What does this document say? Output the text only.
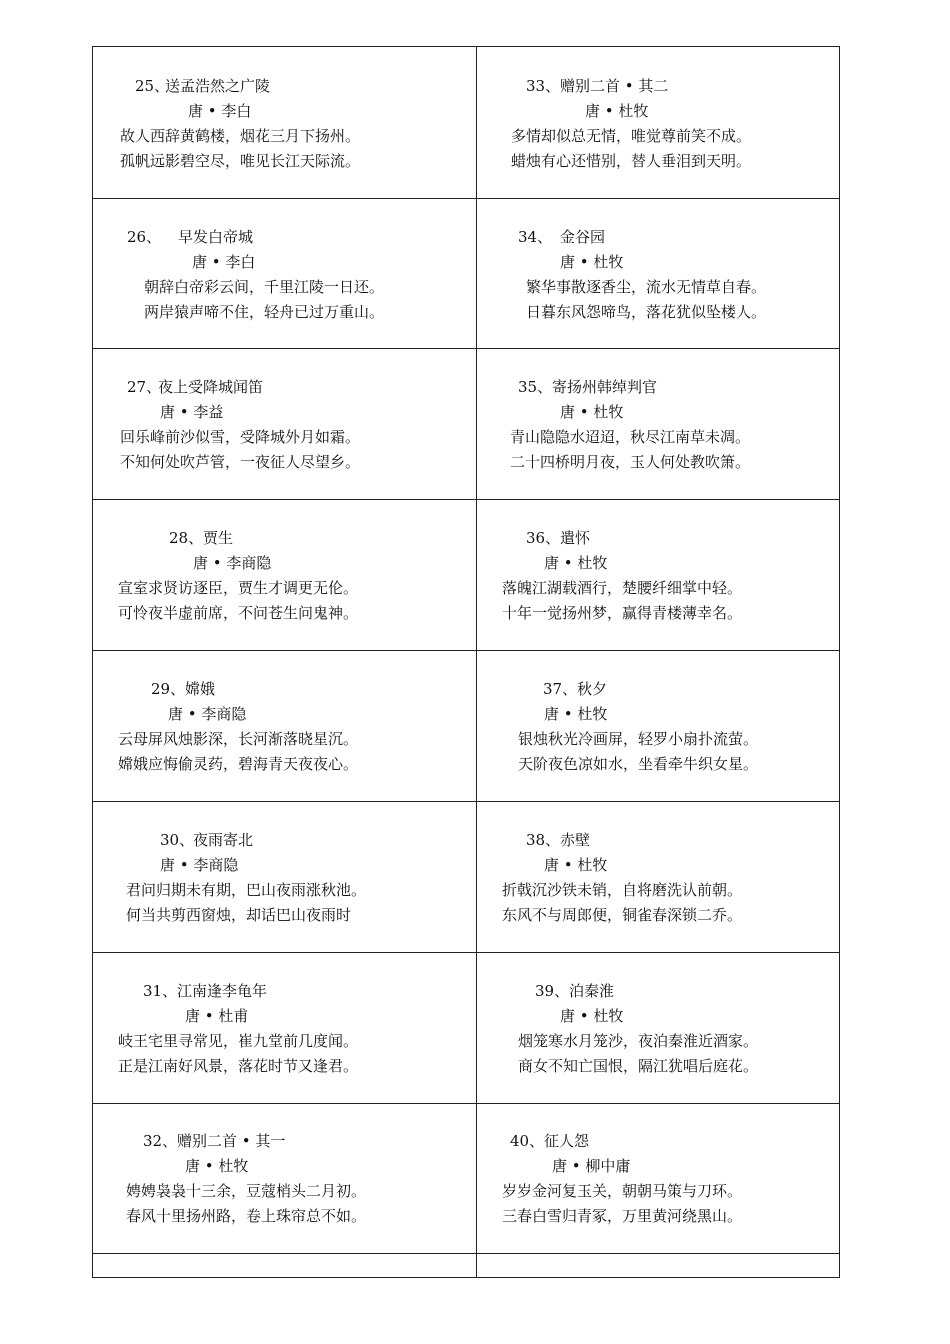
25、
送孟浩然之广陵
唐 • 李白
故人西辞黄鹤楼，烟花三月下扬州。
孤帆远影碧空尽，唯见长江天际流。
26、 早发白帝城
唐 • 李白
朝辞白帝彩云间，千里江陵一日还。
两岸猿声啼不住，轻舟已过万重山。
27、
夜上受降城闻笛
唐 • 李益
回乐峰前沙似雪，受降城外月如霜。
不知何处吹芦管，一夜征人尽望乡。
28、 贾生
唐 • 李商隐
宣室求贤访逐臣，贾生才调更无伦。
可怜夜半虚前席，不问苍生问鬼神。
29、 嫦娥
唐 • 李商隐
云母屏风烛影深，长河渐落晓星沉。
嫦娥应悔偷灵药，碧海青天夜夜心。
30、
夜雨寄北
唐 • 李商隐
君问归期未有期，巴山夜雨涨秋池。
何当共剪西窗烛，却话巴山夜雨时
31、 江南逢李龟年
唐 • 杜甫
岐王宅里寻常见，崔九堂前几度闻。
正是江南好风景，落花时节又逢君。
32、 赠别二首 • 其一
唐 • 杜牧
娉娉袅袅十三余，豆蔻梢头二月初。
春风十里扬州路，卷上珠帘总不如。
33、 赠别二首 • 其二
唐 • 杜牧
多情却似总无情，唯觉尊前笑不成。
蜡烛有心还惜别，替人垂泪到天明。
34、 金谷园
唐 • 杜牧
繁华事散逐香尘，流水无情草自春。
日暮东风怨啼鸟，落花犹似坠楼人。
35、 寄扬州韩绰判官
唐 • 杜牧
青山隐隐水迢迢，秋尽江南草未凋。
二十四桥明月夜，玉人何处教吹箫。
36、 遣怀
唐 • 杜牧
落魄江湖载酒行，楚腰纤细掌中轻。
十年一觉扬州梦，赢得青楼薄幸名。
37、 秋夕
唐 • 杜牧
银烛秋光冷画屏，轻罗小扇扑流萤。
天阶夜色凉如水，坐看牵牛织女星。
38、 赤壁
唐 • 杜牧
折戟沉沙铁未销，自将磨洗认前朝。
东风不与周郎便，铜雀春深锁二乔。
39、 泊秦淮
唐 • 杜牧
烟笼寒水月笼沙，夜泊秦淮近酒家。
商女不知亡国恨，隔江犹唱后庭花。
40、 征人怨
唐 • 柳中庸
岁岁金河复玉关，朝朝马策与刀环。
三春白雪归青冢，万里黄河绕黑山。
